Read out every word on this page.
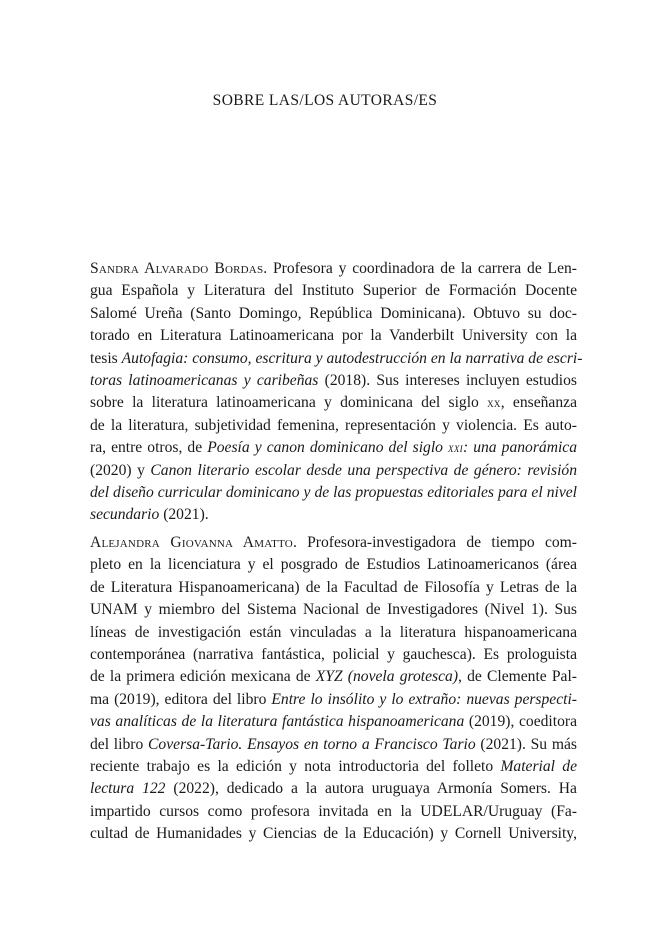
SOBRE LAS/LOS AUTORAS/ES

Sandra Alvarado Bordas. Profesora y coordinadora de la carrera de Len-
gua Española y Literatura del Instituto Superior de Formación Docente
Salomé Ureña (Santo Domingo, República Dominicana). Obtuvo su doc-
torado en Literatura Latinoamericana por la Vanderbilt University con la
tesis Autofagia: consumo, escritura y autodestrucción en la narrativa de escri-
toras latinoamericanas y caribeñas (2018). Sus intereses incluyen estudios
sobre la literatura latinoamericana y dominicana del siglo xx, enseñanza
de la literatura, subjetividad femenina, representación y violencia. Es auto-
ra, entre otros, de Poesía y canon dominicano del siglo xxi: una panorámica
(2020) y Canon literario escolar desde una perspectiva de género: revisión
del diseño curricular dominicano y de las propuestas editoriales para el nivel
secundario (2021).

Alejandra Giovanna Amatto. Profesora-investigadora de tiempo com-
pleto en la licenciatura y el posgrado de Estudios Latinoamericanos (área
de Literatura Hispanoamericana) de la Facultad de Filosofía y Letras de la
UNAM y miembro del Sistema Nacional de Investigadores (Nivel 1). Sus
líneas de investigación están vinculadas a la literatura hispanoamericana
contemporánea (narrativa fantástica, policial y gauchesca). Es prologuista
de la primera edición mexicana de XYZ (novela grotesca), de Clemente Pal-
ma (2019), editora del libro Entre lo insólito y lo extraño: nuevas perspecti-
vas analíticas de la literatura fantástica hispanoamericana (2019), coeditora
del libro Coversa-Tario. Ensayos en torno a Francisco Tario (2021). Su más
reciente trabajo es la edición y nota introductoria del folleto Material de
lectura 122 (2022), dedicado a la autora uruguaya Armonía Somers. Ha
impartido cursos como profesora invitada en la UDELAR/Uruguay (Fa-
cultad de Humanidades y Ciencias de la Educación) y Cornell University,
